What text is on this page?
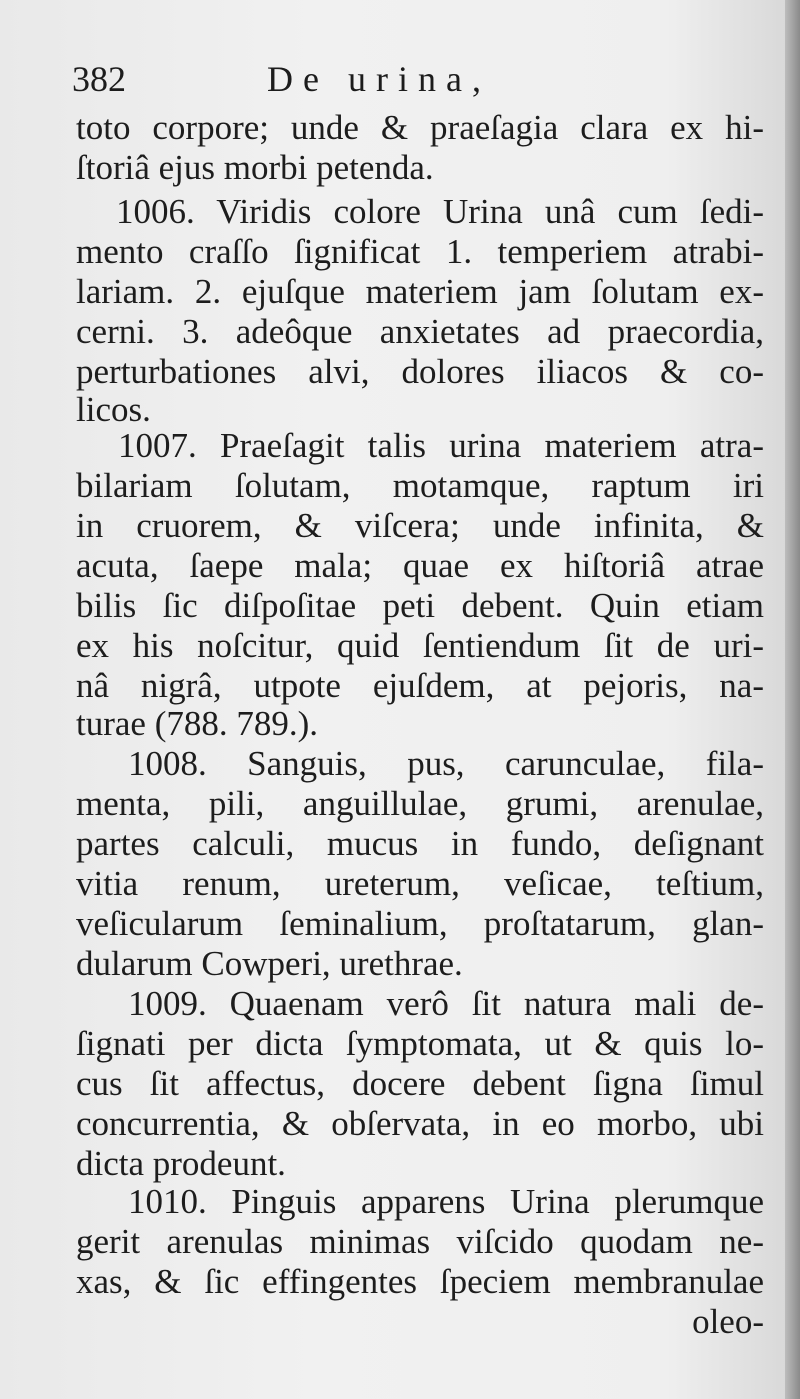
382	De urina,
toto corpore; unde & praeſagia clara ex hi-
ſtoriâ ejus morbi petenda.
1006. Viridis colore Urina unâ cum ſedi-
mento craſſo ſignificat 1. temperiem atrabi-
lariam. 2. ejuſque materiem jam ſolutam ex-
cerni. 3. adeôque anxietates ad praecordia,
perturbationes alvi, dolores iliacos & co-
licos.
1007. Praeſagit talis urina materiem atra-
bilariam ſolutam, motamque, raptum iri
in cruorem, & viſcera; unde infinita, &
acuta, ſaepe mala; quae ex hiſtoriâ atrae
bilis ſic diſpoſitae peti debent. Quin etiam
ex his noſcitur, quid ſentiendum ſit de uri-
nâ nigrâ, utpote ejuſdem, at pejoris, na-
turae (788. 789.).
1008. Sanguis, pus, carunculae, fila-
menta, pili, anguillulae, grumi, arenulae,
partes calculi, mucus in fundo, deſignant
vitia renum, ureterum, veſicae, teſtium,
veſicularum ſeminalium, proſtatarum, glan-
dularum Cowperi, urethrae.
1009. Quaenam verô ſit natura mali de-
ſignati per dicta ſymptomata, ut & quis lo-
cus ſit affectus, docere debent ſigna ſimul
concurrentia, & obſervata, in eo morbo, ubi
dicta prodeunt.
1010. Pinguis apparens Urina plerumque
gerit arenulas minimas viſcido quodam ne-
xas, & ſic effingentes ſpeciem membranulae
oleo-
